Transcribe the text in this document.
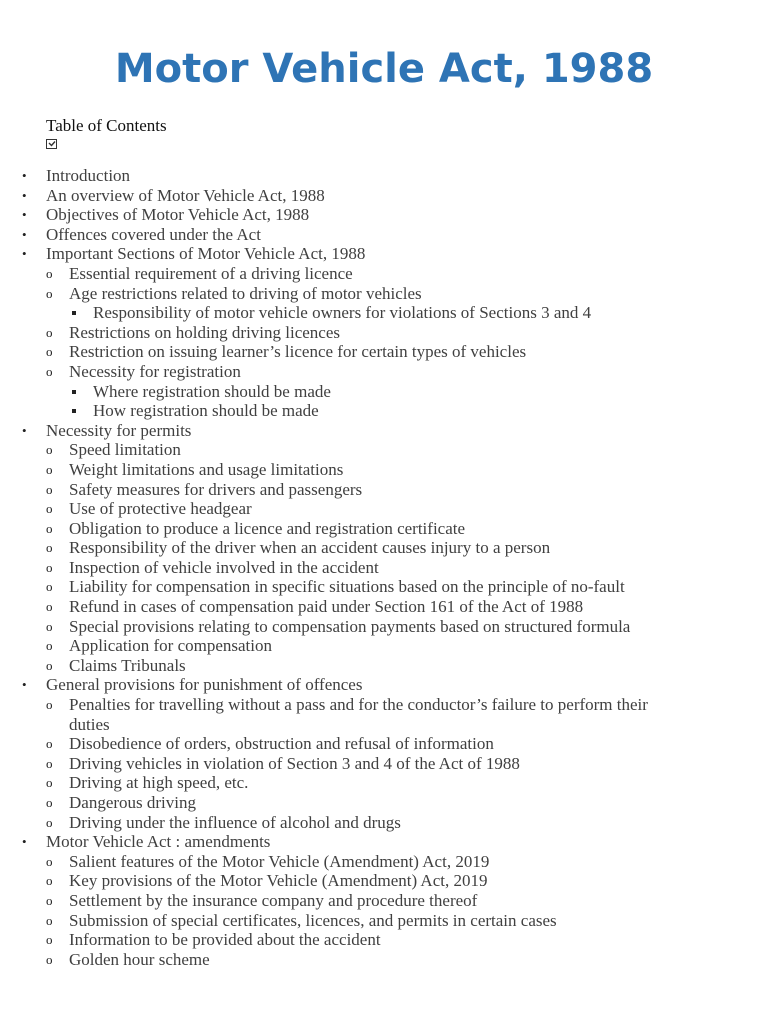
Motor Vehicle Act, 1988
Table of Contents
• Introduction
• An overview of Motor Vehicle Act, 1988
• Objectives of Motor Vehicle Act, 1988
• Offences covered under the Act
• Important Sections of Motor Vehicle Act, 1988
o Essential requirement of a driving licence
o Age restrictions related to driving of motor vehicles
Responsibility of motor vehicle owners for violations of Sections 3 and 4
o Restrictions on holding driving licences
o Restriction on issuing learner’s licence for certain types of vehicles
o Necessity for registration
Where registration should be made
How registration should be made
• Necessity for permits
o Speed limitation
o Weight limitations and usage limitations
o Safety measures for drivers and passengers
o Use of protective headgear
o Obligation to produce a licence and registration certificate
o Responsibility of the driver when an accident causes injury to a person
o Inspection of vehicle involved in the accident
o Liability for compensation in specific situations based on the principle of no-fault
o Refund in cases of compensation paid under Section 161 of the Act of 1988
o Special provisions relating to compensation payments based on structured formula
o Application for compensation
o Claims Tribunals
• General provisions for punishment of offences
o Penalties for travelling without a pass and for the conductor’s failure to perform their duties
o Disobedience of orders, obstruction and refusal of information
o Driving vehicles in violation of Section 3 and 4 of the Act of 1988
o Driving at high speed, etc.
o Dangerous driving
o Driving under the influence of alcohol and drugs
• Motor Vehicle Act : amendments
o Salient features of the Motor Vehicle (Amendment) Act, 2019
o Key provisions of the Motor Vehicle (Amendment) Act, 2019
o Settlement by the insurance company and procedure thereof
o Submission of special certificates, licences, and permits in certain cases
o Information to be provided about the accident
o Golden hour scheme
